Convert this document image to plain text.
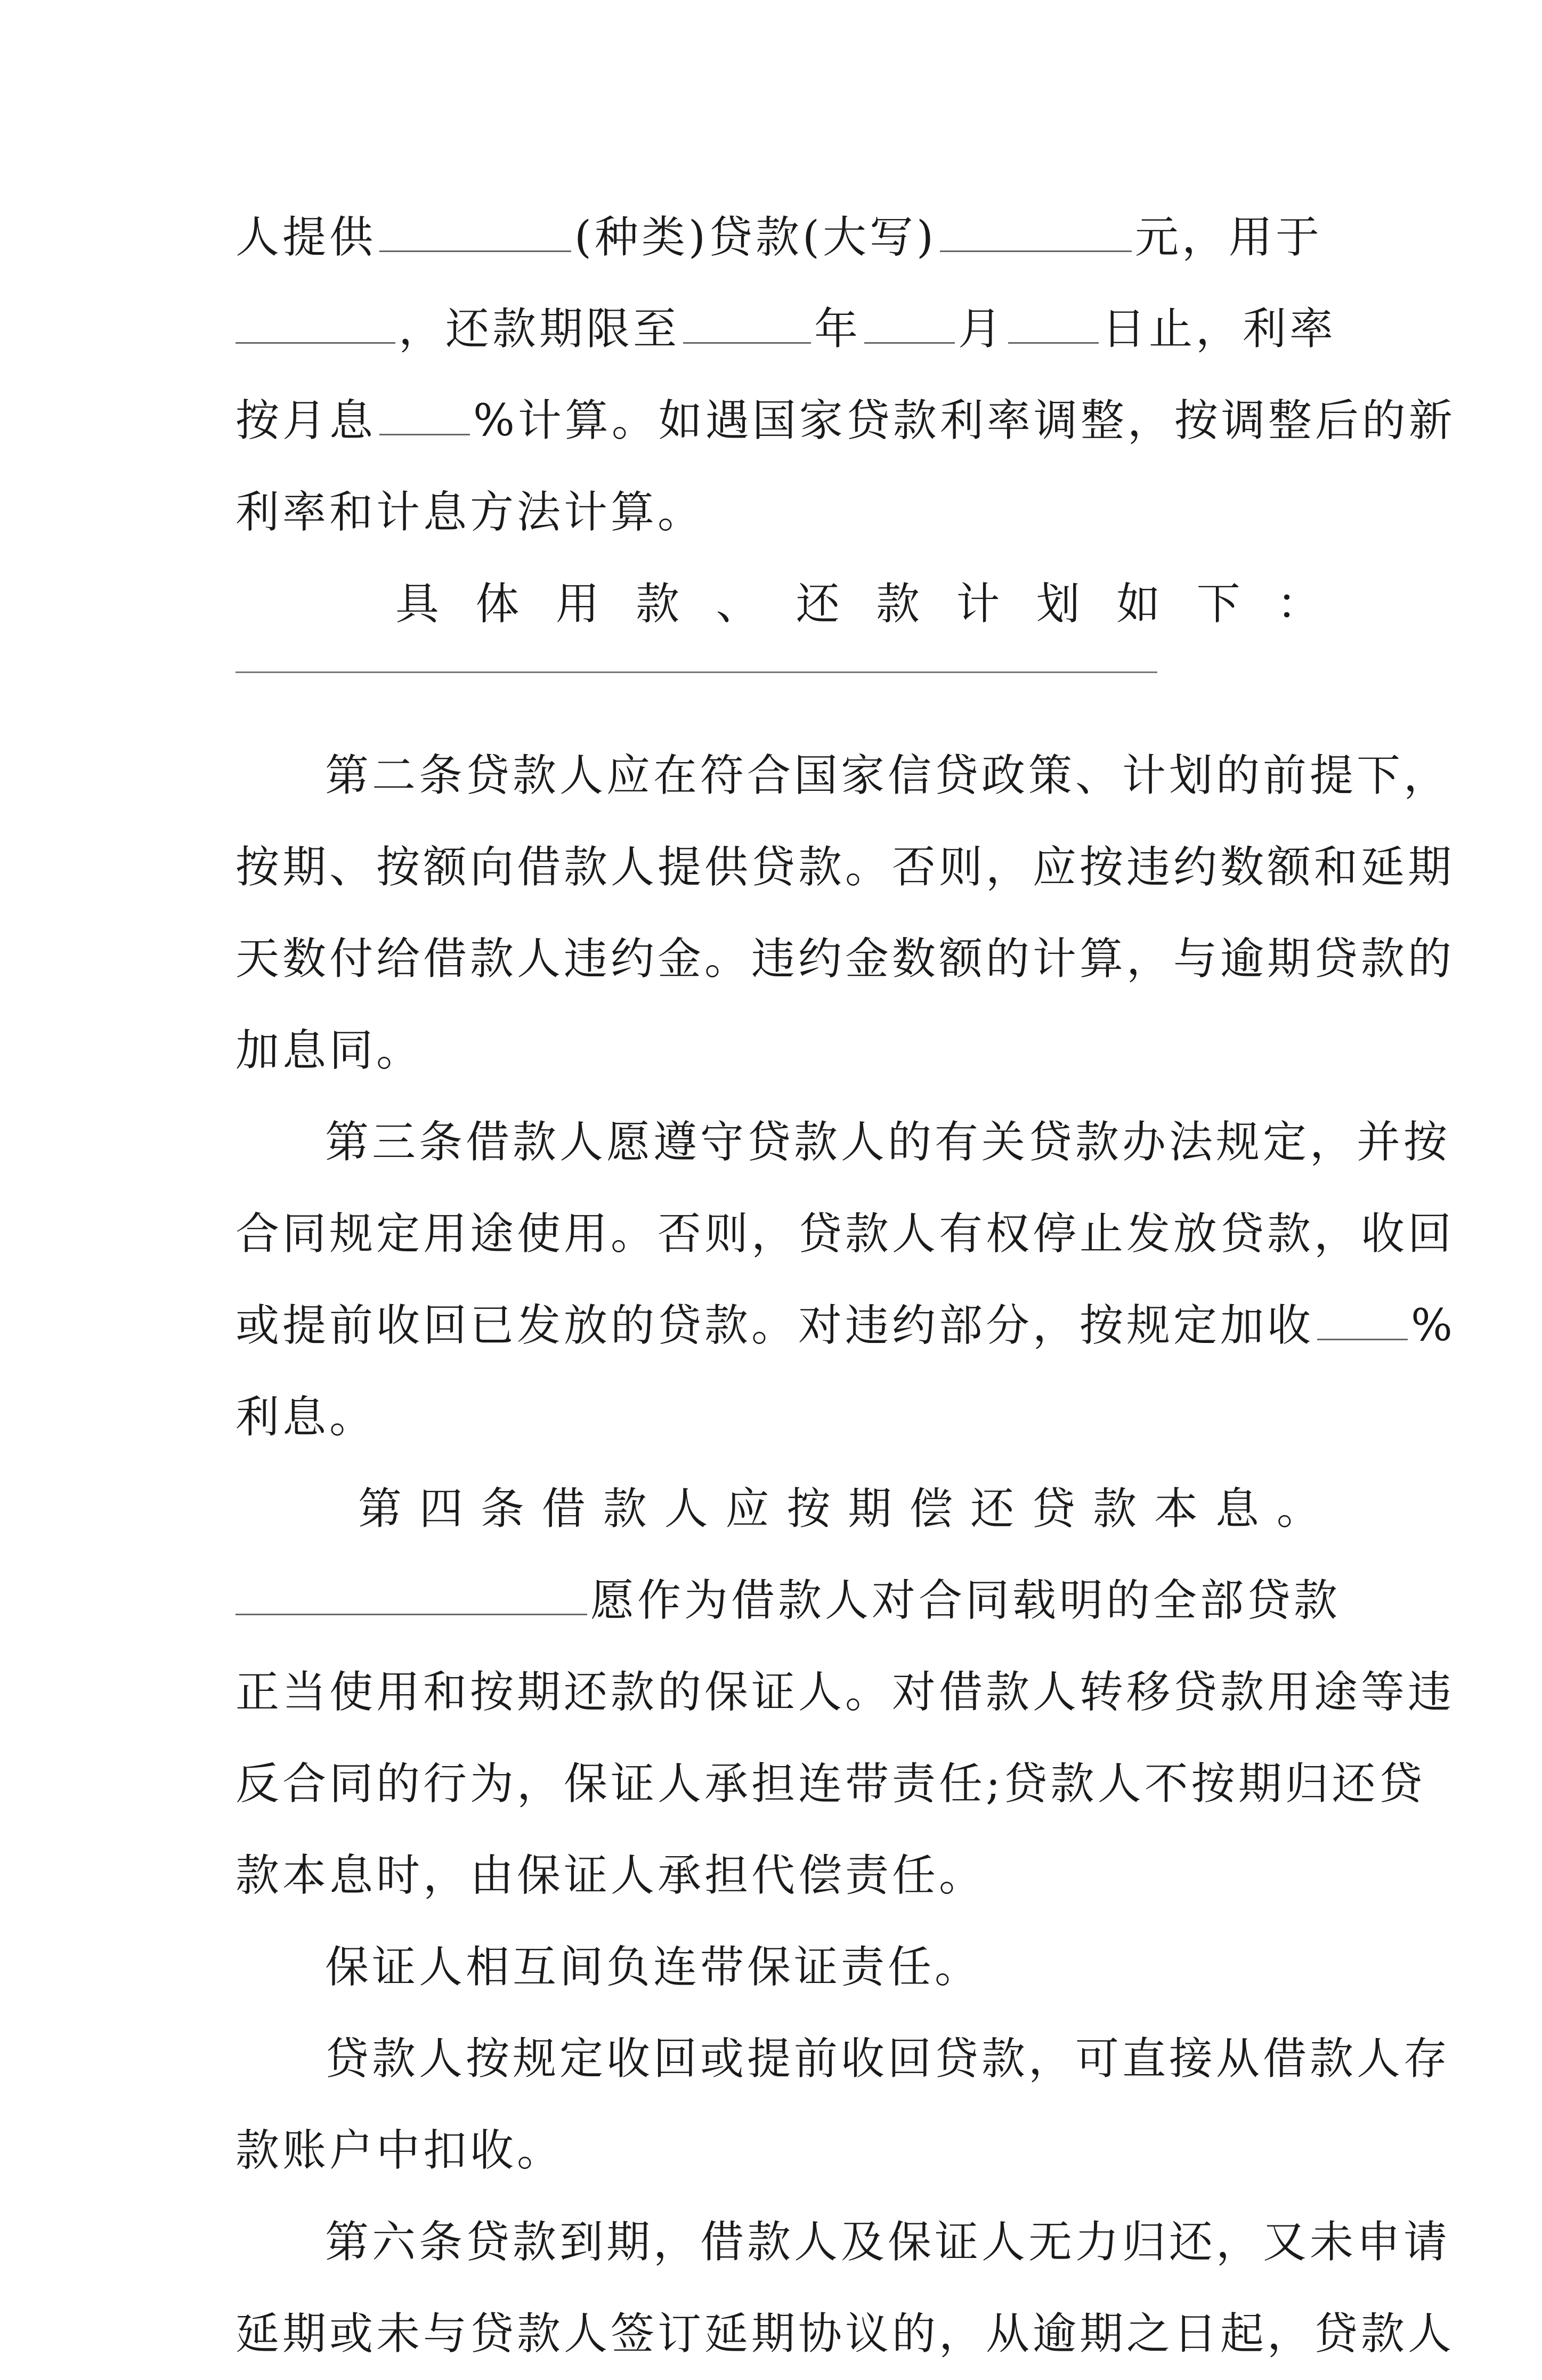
人提供	(种类)贷款(大写)	元，用于
，还款期限至	年 月 日止，利率
按月息 %计算。如遇国家贷款利率调整，按调整后的新
利率和计息方法计算。
具 体 用 款 、 还 款 计 划 如 下 ：
第二条贷款人应在符合国家信贷政策、计划的前提下，
按期、按额向借款人提供贷款。否则，应按违约数额和延期
天数付给借款人违约金。违约金数额的计算，与逾期贷款的
加息同。
第三条借款人愿遵守贷款人的有关贷款办法规定，并按
合同规定用途使用。否则，贷款人有权停止发放贷款，收回
或提前收回已发放的贷款。对违约部分，按规定加收 %
利息。
第 四 条 借 款 人 应 按 期 偿 还 贷 款 本 息 。
愿作为借款人对合同载明的全部贷款
正当使用和按期还款的保证人。对借款人转移贷款用途等违
反合同的行为，保证人承担连带责任;贷款人不按期归还贷
款本息时，由保证人承担代偿责任。
保证人相互间负连带保证责任。
贷款人按规定收回或提前收回贷款，可直接从借款人存
款账户中扣收。
第六条贷款到期，借款人及保证人无力归还，又未申请
延期或未与贷款人签订延期协议的，从逾期之日起，贷款人
